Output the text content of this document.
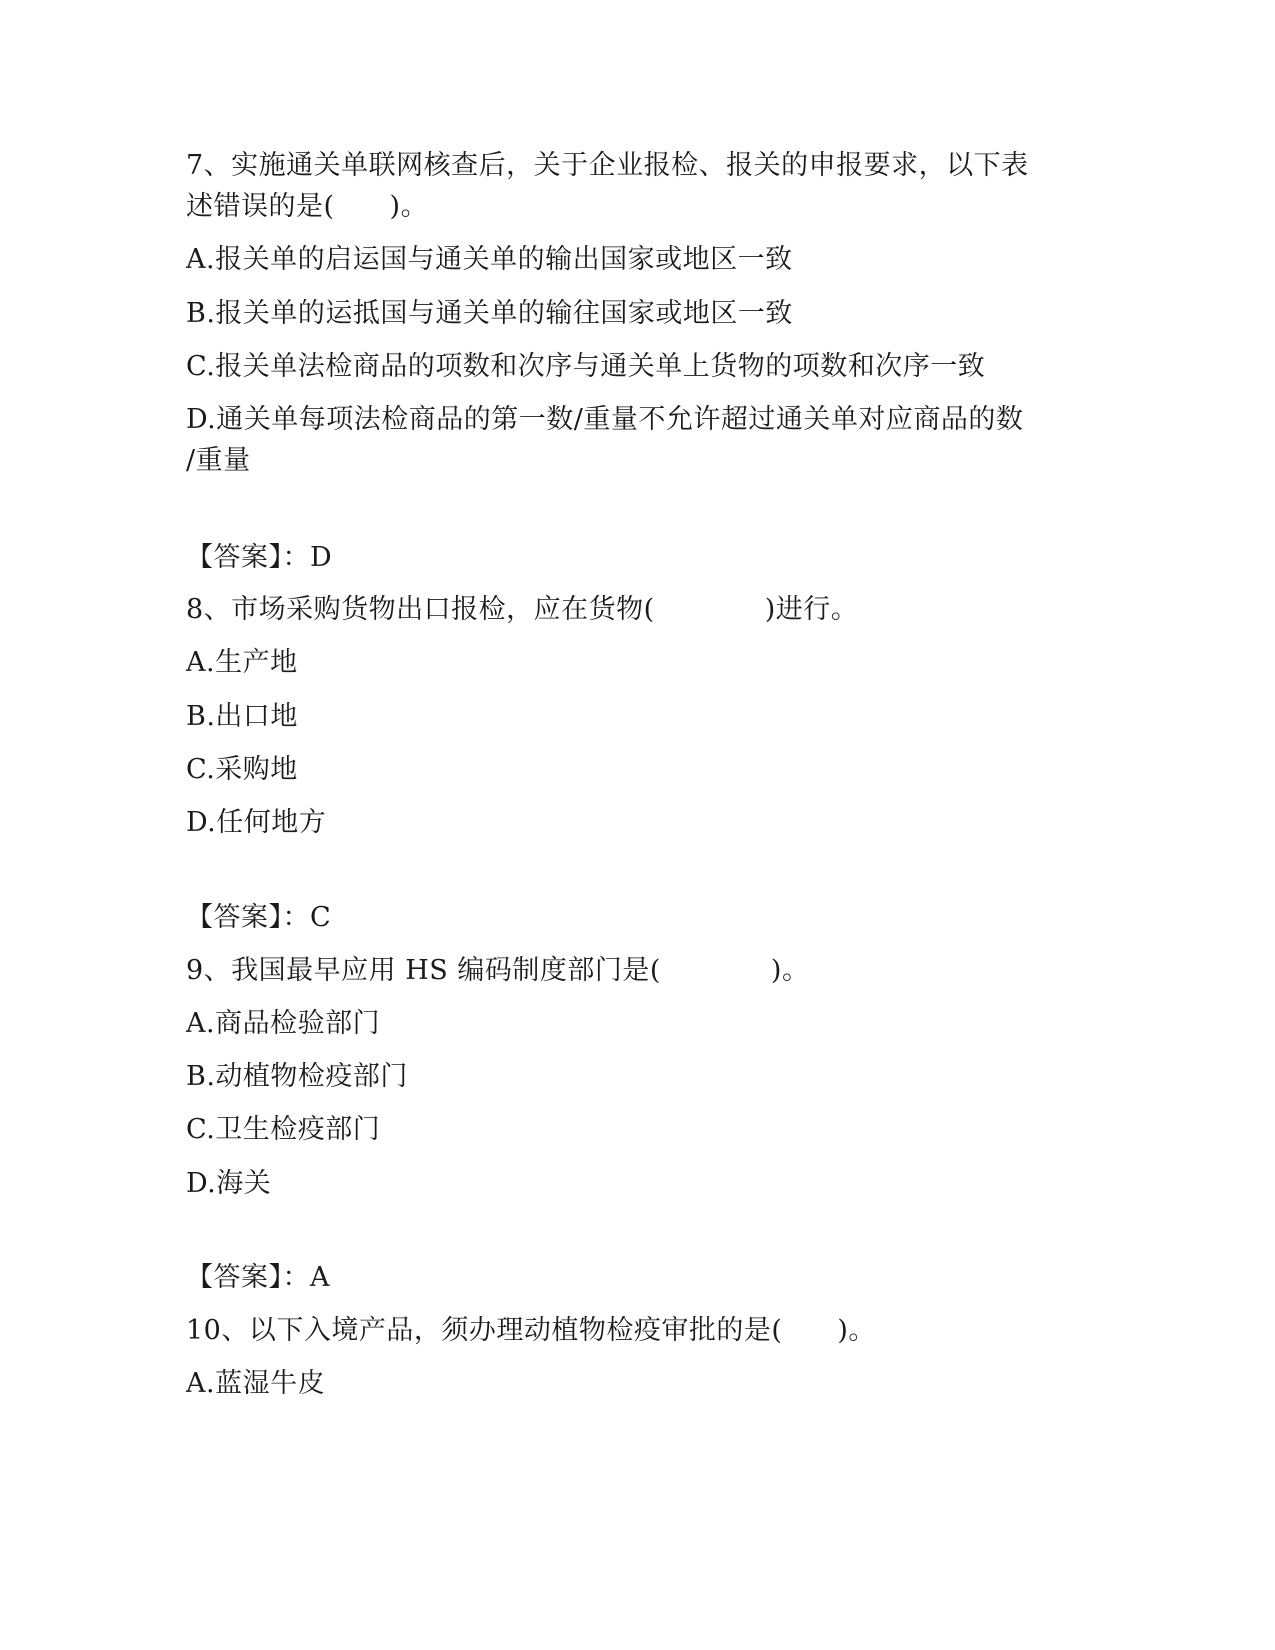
7、实施通关单联网核查后，关于企业报检、报关的申报要求，以下表
述错误的是(　　)。
A.报关单的启运国与通关单的输出国家或地区一致
B.报关单的运抵国与通关单的输往国家或地区一致
C.报关单法检商品的项数和次序与通关单上货物的项数和次序一致
D.通关单每项法检商品的第一数/重量不允许超过通关单对应商品的数
/重量
【答案】：D
8、市场采购货物出口报检，应在货物(　　　　)进行。
A.生产地
B.出口地
C.采购地
D.任何地方
【答案】：C
9、我国最早应用 HS 编码制度部门是(　　　　)。
A.商品检验部门
B.动植物检疫部门
C.卫生检疫部门
D.海关
【答案】：A
10、以下入境产品，须办理动植物检疫审批的是(　　)。
A.蓝湿牛皮
